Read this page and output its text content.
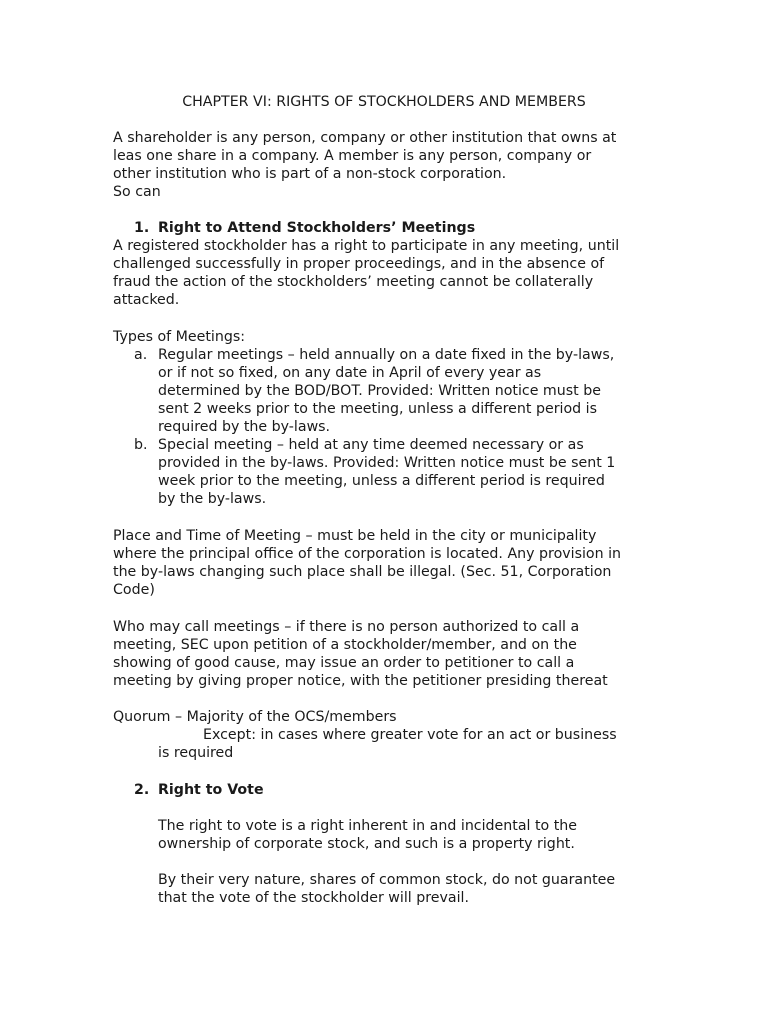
CHAPTER VI: RIGHTS OF STOCKHOLDERS AND MEMBERS
A shareholder is any person, company or other institution that owns at
leas one share in a company. A member is any person, company or
other institution who is part of a non-stock corporation.
So can
1. Right to Attend Stockholders’ Meetings
A registered stockholder has a right to participate in any meeting, until
challenged successfully in proper proceedings, and in the absence of
fraud the action of the stockholders’ meeting cannot be collaterally
attacked.
Types of Meetings:
a. Regular meetings – held annually on a date fixed in the by-laws,
or if not so fixed, on any date in April of every year as
determined by the BOD/BOT. Provided: Written notice must be
sent 2 weeks prior to the meeting, unless a different period is
required by the by-laws.
b. Special meeting – held at any time deemed necessary or as
provided in the by-laws. Provided: Written notice must be sent 1
week prior to the meeting, unless a different period is required
by the by-laws.
Place and Time of Meeting – must be held in the city or municipality
where the principal office of the corporation is located. Any provision in
the by-laws changing such place shall be illegal. (Sec. 51, Corporation
Code)
Who may call meetings – if there is no person authorized to call a
meeting, SEC upon petition of a stockholder/member, and on the
showing of good cause, may issue an order to petitioner to call a
meeting by giving proper notice, with the petitioner presiding thereat
Quorum – Majority of the OCS/members
Except: in cases where greater vote for an act or business
is required
2. Right to Vote
The right to vote is a right inherent in and incidental to the
ownership of corporate stock, and such is a property right.
By their very nature, shares of common stock, do not guarantee
that the vote of the stockholder will prevail.
